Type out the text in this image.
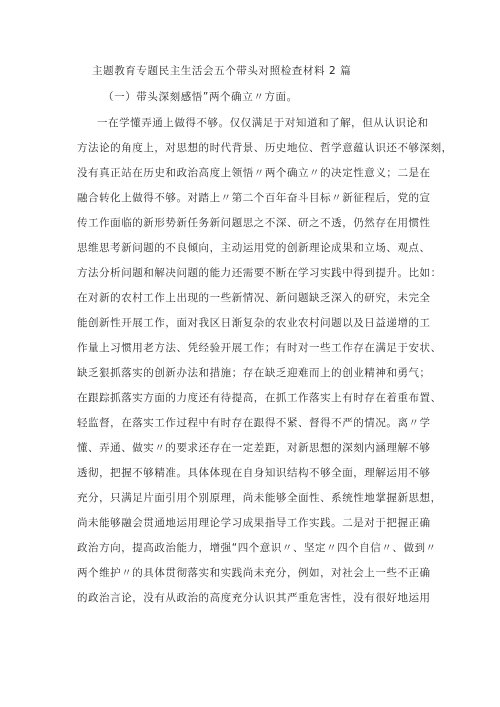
主题教育专题民主生活会五个带头对照检查材料 2 篇
（一）带头深刻感悟”两个确立〃方面。
一在学懂弄通上做得不够。仅仅满足于对知道和了解，但从认识论和
方法论的角度上，对思想的时代背景、历史地位、哲学意蕴认识还不够深刻，
没有真正站在历史和政治高度上领悟〃两个确立〃的决定性意义；二是在
融合转化上做得不够。对踏上〃第二个百年奋斗目标〃新征程后，党的宣
传工作面临的新形势新任务新问题思之不深、研之不透，仍然存在用惯性
思维思考新问题的不良倾向，主动运用党的创新理论成果和立场、观点、
方法分析问题和解决问题的能力还需要不断在学习实践中得到提升。比如：
在对新的农村工作上出现的一些新情况、新问题缺乏深入的研究，未完全
能创新性开展工作，面对我区日渐复杂的农业农村问题以及日益递增的工
作量上习惯用老方法、凭经验开展工作；有时对一些工作存在满足于安状、
缺乏狠抓落实的创新办法和措施；存在缺乏迎难而上的创业精神和勇气；
在跟踪抓落实方面的力度还有待提高，在抓工作落实上有时存在着重布置、
轻监督，在落实工作过程中有时存在跟得不紧、督得不严的情况。离〃学
懂、弄通、做实〃的要求还存在一定差距，对新思想的深刻内涵理解不够
透彻，把握不够精准。具体体现在自身知识结构不够全面，理解运用不够
充分，只满足片面引用个别原理，尚未能够全面性、系统性地掌握新思想，
尚未能够融会贯通地运用理论学习成果指导工作实践。二是对于把握正确
政治方向，提高政治能力，增强“四个意识〃、坚定〃四个自信〃、做到〃
两个维护〃的具体贯彻落实和实践尚未充分，例如，对社会上一些不正确
的政治言论，没有从政治的高度充分认识其严重危害性，没有很好地运用
